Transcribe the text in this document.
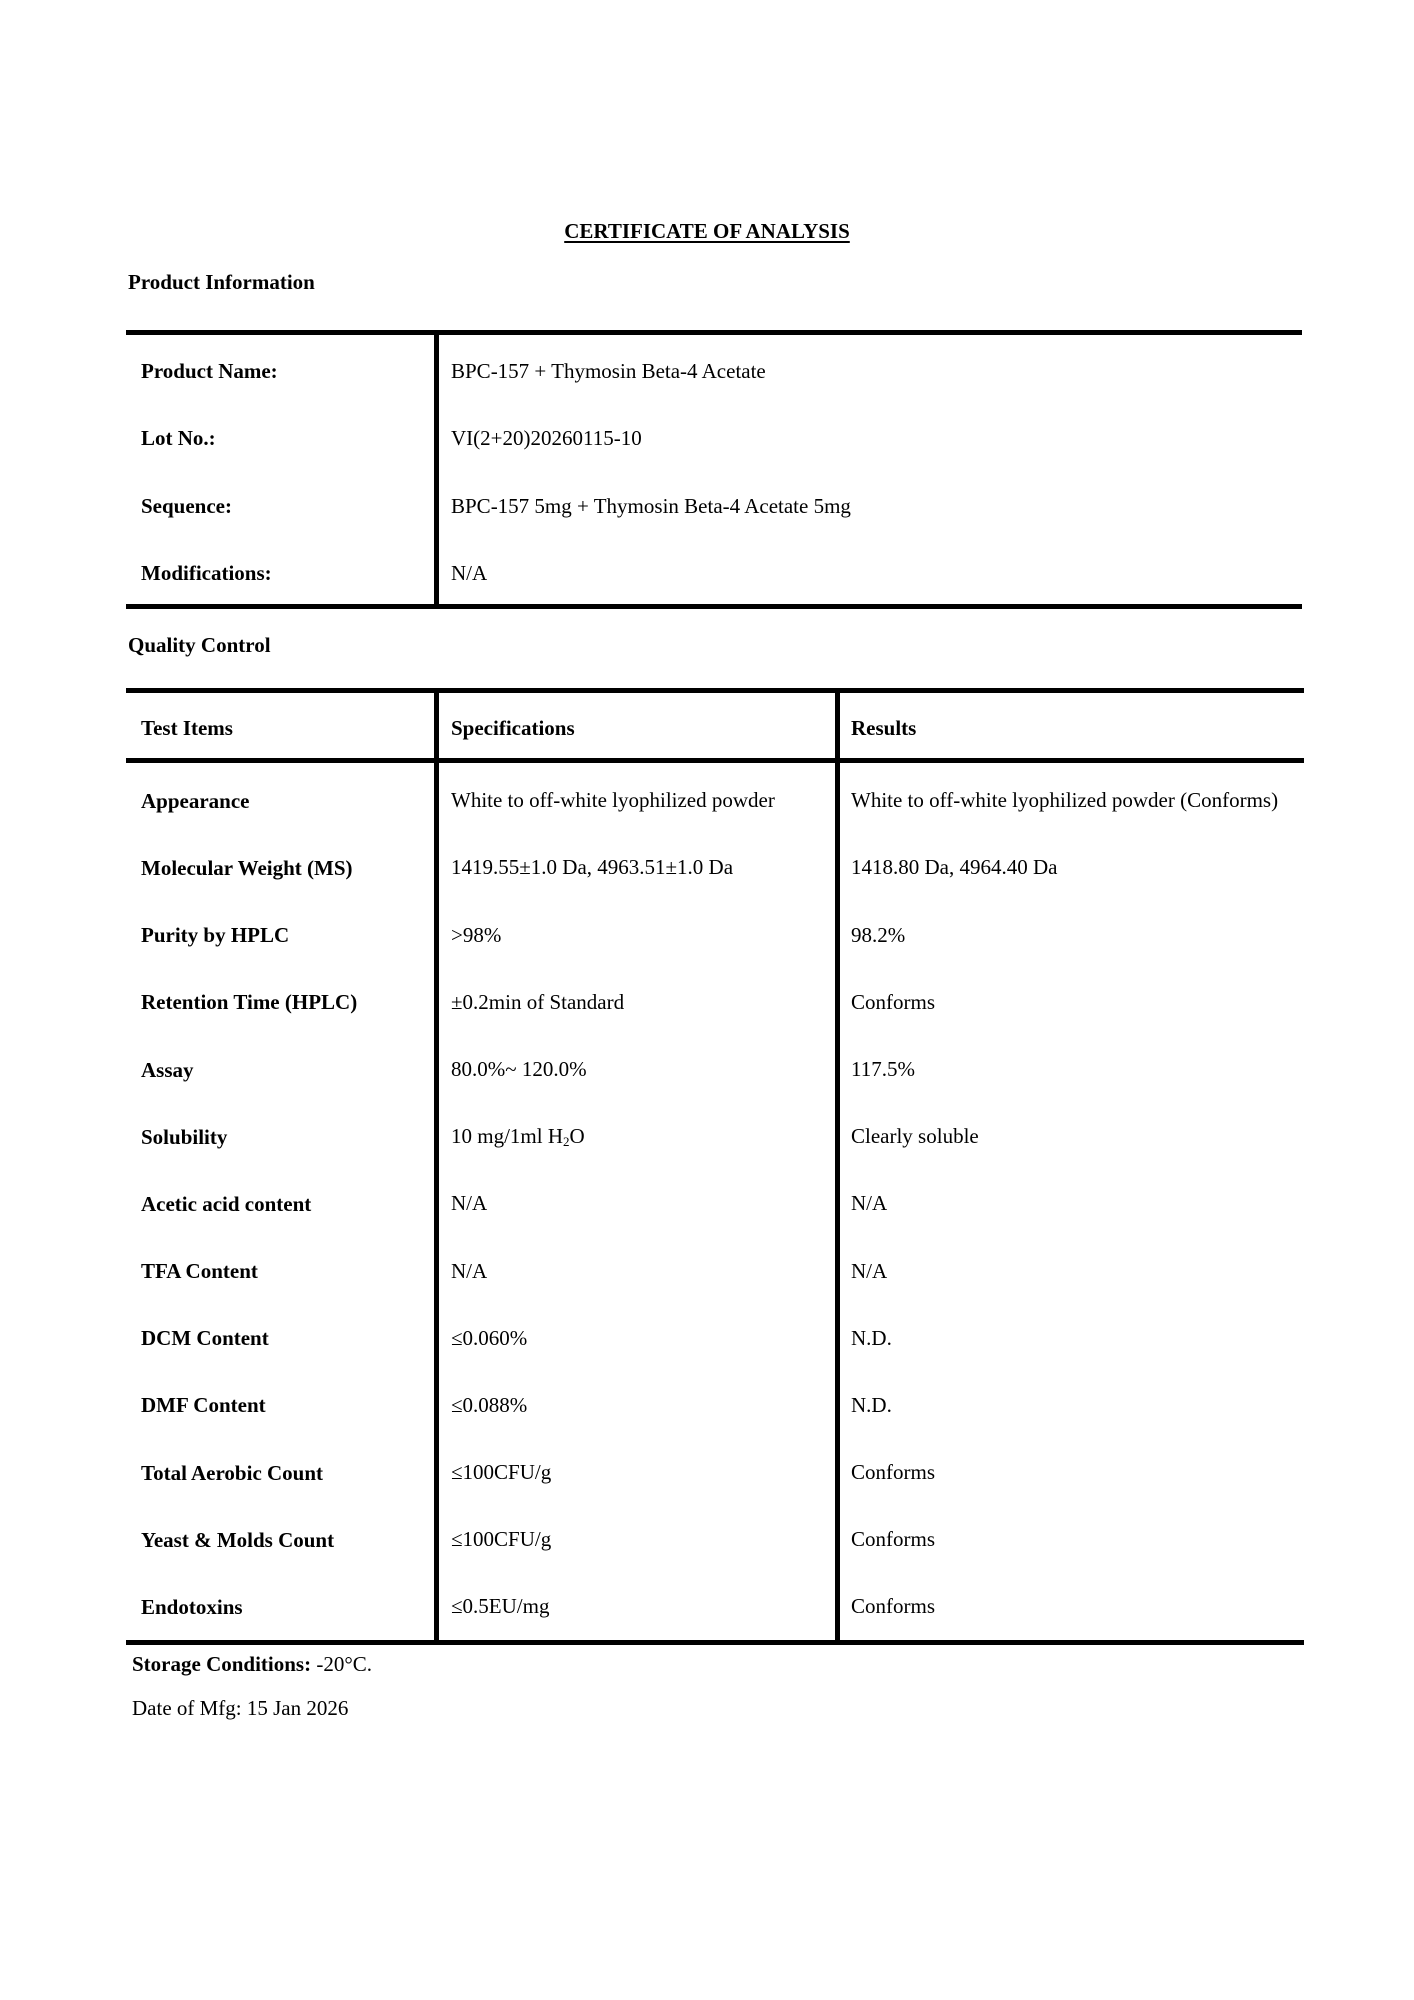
CERTIFICATE OF ANALYSIS
Product Information
Product Name:	BPC-157 + Thymosin Beta-4 Acetate
Lot No.:	VI(2+20)20260115-10
Sequence:	BPC-157 5mg + Thymosin Beta-4 Acetate 5mg
Modifications:	N/A
Quality Control
Test Items	Specifications	Results
Appearance	White to off-white lyophilized powder	White to off-white lyophilized powder (Conforms)
Molecular Weight (MS)	1419.55±1.0 Da, 4963.51±1.0 Da	1418.80 Da, 4964.40 Da
Purity by HPLC	>98%	98.2%
Retention Time (HPLC)	±0.2min of Standard	Conforms
Assay	80.0%~ 120.0%	117.5%
Solubility	10 mg/1ml $H_2O$	Clearly soluble
Acetic acid content	N/A	N/A
TFA Content	N/A	N/A
DCM Content	≤0.060%	N.D.
DMF Content	≤0.088%	N.D.
Total Aerobic Count	≤100CFU/g	Conforms
Yeast & Molds Count	≤100CFU/g	Conforms
Endotoxins	≤0.5EU/mg	Conforms
Storage Conditions: -20°C.
Date of Mfg: 15 Jan 2026
